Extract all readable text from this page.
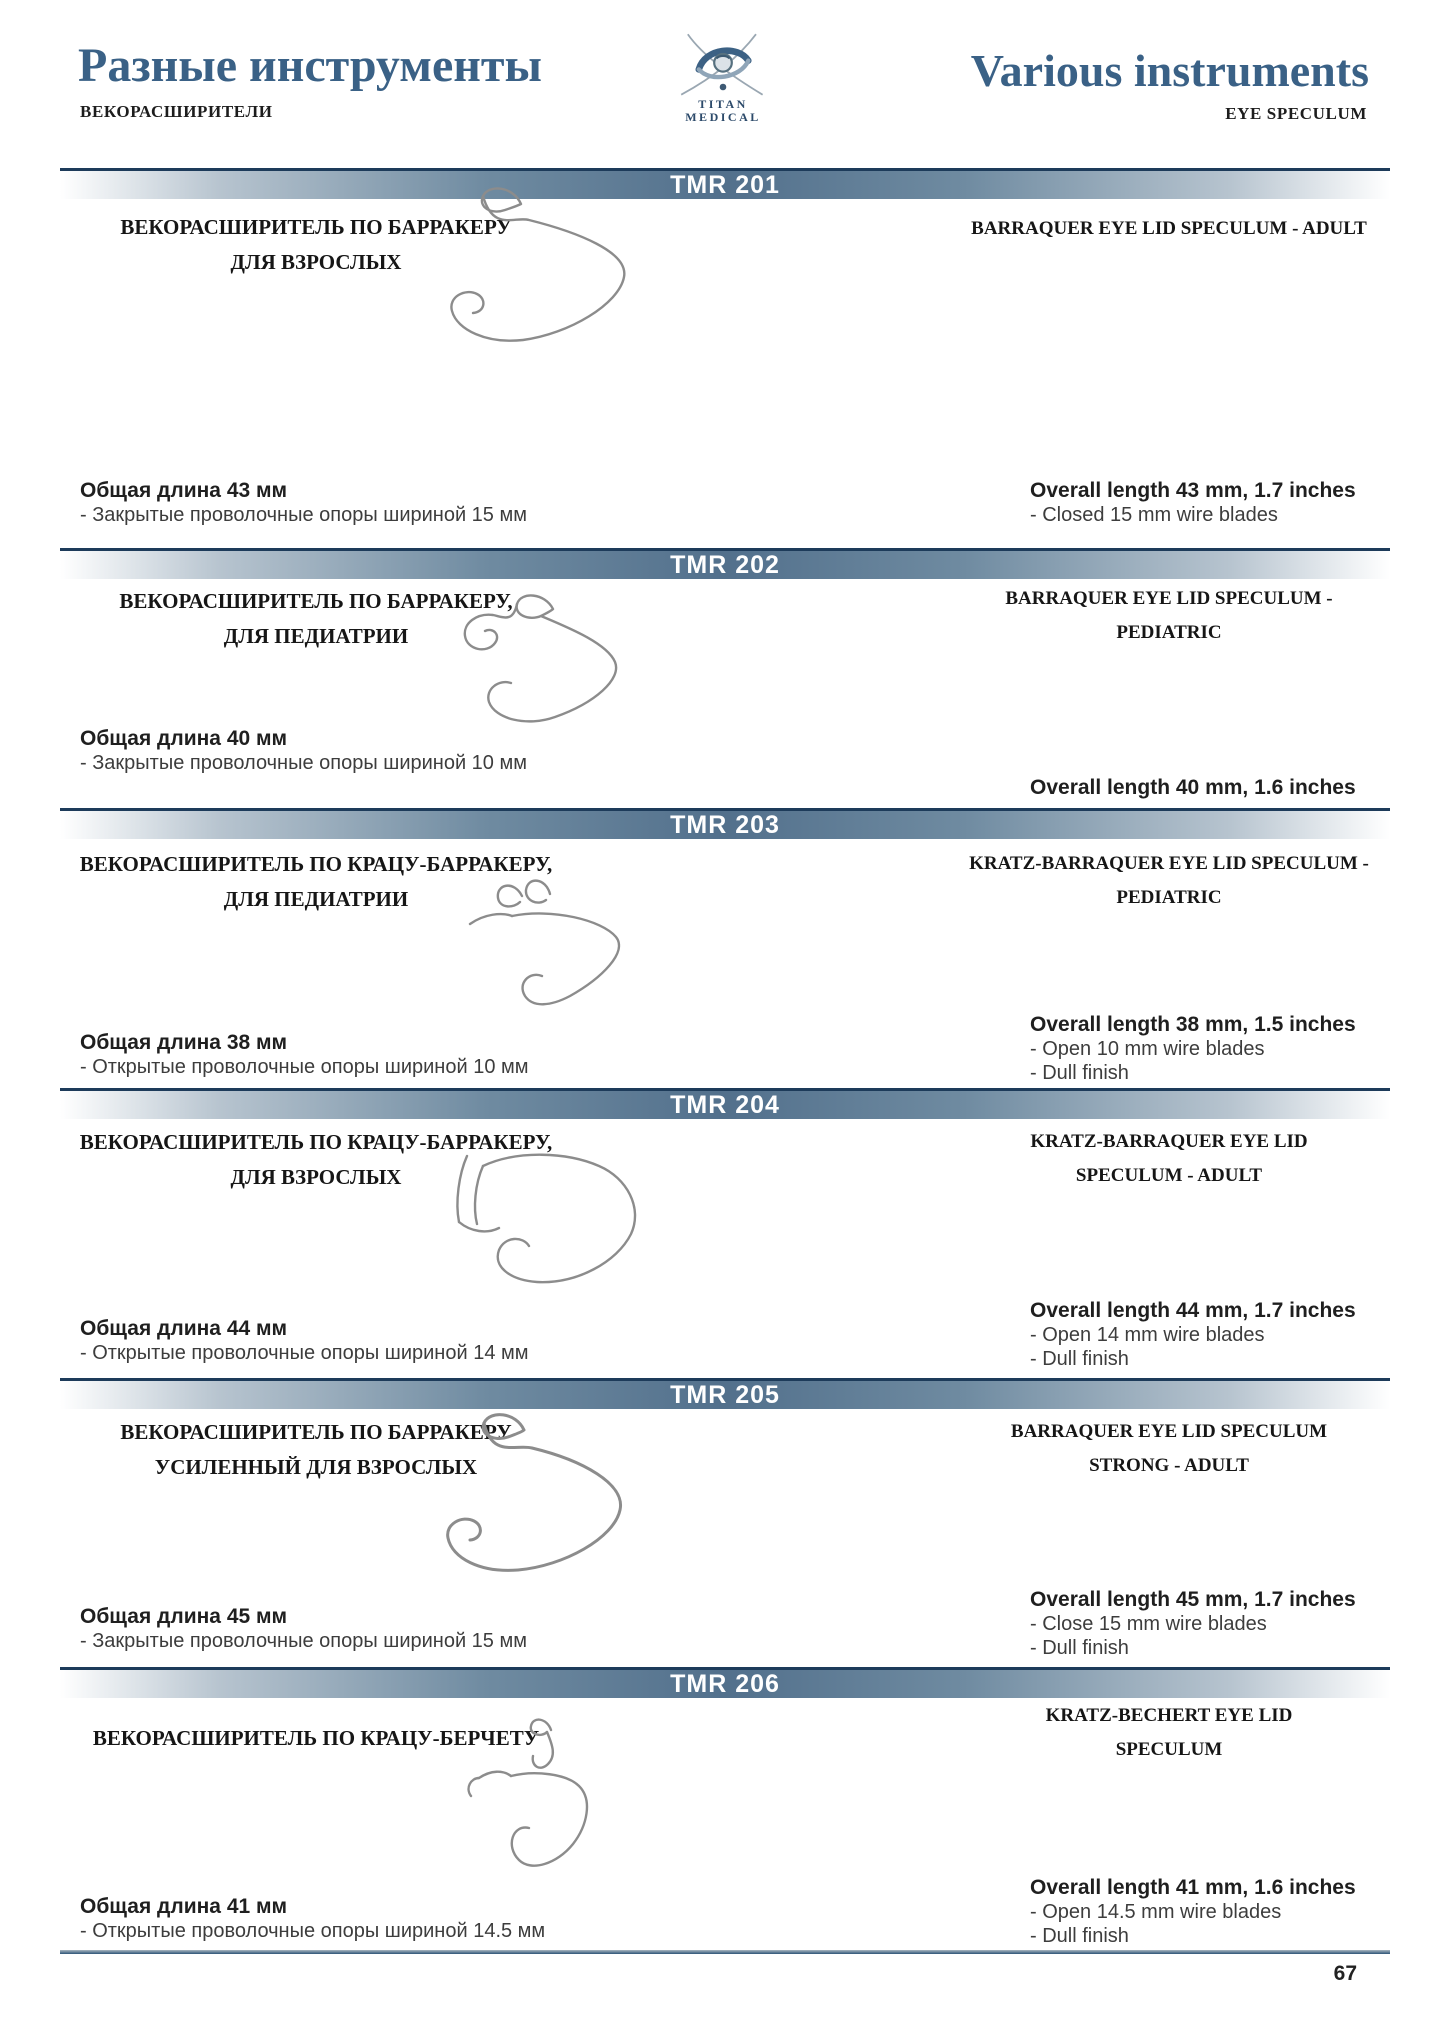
Разные инструменты
ВЕКОРАСШИРИТЕЛИ	TITAN
MEDICAL
Various instruments
EYE SPECULUM
TMR 201
ВЕКОРАСШИРИТЕЛЬ ПО БАРРАКЕРУ
ДЛЯ ВЗРОСЛЫХ
BARRAQUER EYE LID SPECULUM - ADULT
Общая длина 43 мм
- Закрытые проволочные опоры шириной 15 мм
Overall length 43 mm, 1.7 inches
- Closed 15 mm wire blades
TMR 202
ВЕКОРАСШИРИТЕЛЬ ПО БАРРАКЕРУ,
ДЛЯ ПЕДИАТРИИ
BARRAQUER EYE LID SPECULUM -
PEDIATRIC
Общая длина 40 мм
- Закрытые проволочные опоры шириной 10 мм
Overall length 40 mm, 1.6 inches
TMR 203
ВЕКОРАСШИРИТЕЛЬ ПО КРАЦУ-БАРРАКЕРУ,
ДЛЯ ПЕДИАТРИИ
KRATZ-BARRAQUER EYE LID SPECULUM -
PEDIATRIC
Общая длина 38 мм
- Открытые проволочные опоры шириной 10 мм
Overall length 38 mm, 1.5 inches
- Open 10 mm wire blades
- Dull finish
TMR 204
ВЕКОРАСШИРИТЕЛЬ ПО КРАЦУ-БАРРАКЕРУ,
ДЛЯ ВЗРОСЛЫХ
KRATZ-BARRAQUER EYE LID
SPECULUM - ADULT
Общая длина 44 мм
- Открытые проволочные опоры шириной 14 мм
Overall length 44 mm, 1.7 inches
- Open 14 mm wire blades
- Dull finish
TMR 205
ВЕКОРАСШИРИТЕЛЬ ПО БАРРАКЕРУ
УСИЛЕННЫЙ ДЛЯ ВЗРОСЛЫХ
BARRAQUER EYE LID SPECULUM
STRONG - ADULT
Общая длина 45 мм
- Закрытые проволочные опоры шириной 15 мм
Overall length 45 mm, 1.7 inches
- Close 15 mm wire blades
- Dull finish
TMR 206
ВЕКОРАСШИРИТЕЛЬ ПО КРАЦУ-БЕРЧЕТУ
KRATZ-BECHERT EYE LID
SPECULUM
Общая длина 41 мм
- Открытые проволочные опоры шириной 14.5 мм
Overall length 41 mm, 1.6 inches
- Open 14.5 mm wire blades
- Dull finish
67
